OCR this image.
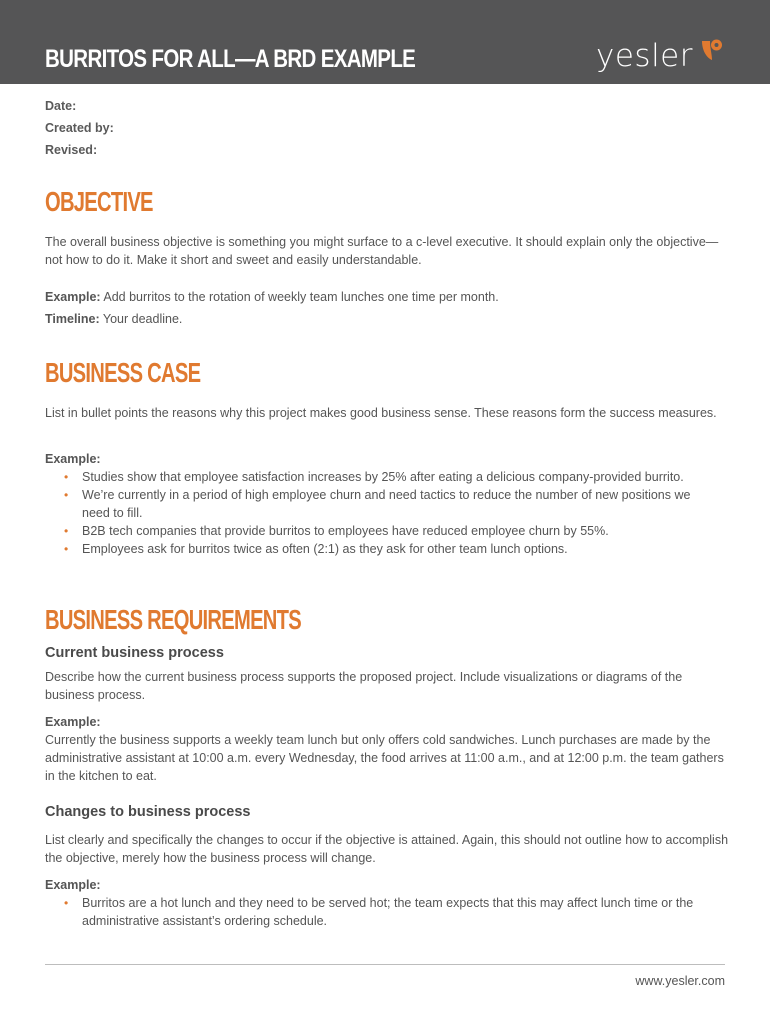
BURRITOS FOR ALL—A BRD EXAMPLE	yesler
Date:
Created by:
Revised:
OBJECTIVE

The overall business objective is something you might surface to a c-level executive. It should explain only the objective—not how to do it. Make it short and sweet and easily understandable.

Example: Add burritos to the rotation of weekly team lunches one time per month.

Timeline: Your deadline.

BUSINESS CASE

List in bullet points the reasons why this project makes good business sense. These reasons form the success measures.

Example:

• Studies show that employee satisfaction increases by 25% after eating a delicious company-provided burrito.
• We’re currently in a period of high employee churn and need tactics to reduce the number of new positions we need to fill.
• B2B tech companies that provide burritos to employees have reduced employee churn by 55%.
• Employees ask for burritos twice as often (2:1) as they ask for other team lunch options.
BUSINESS REQUIREMENTS
Current business process

Describe how the current business process supports the proposed project. Include visualizations or diagrams of the business process.

Example:

Currently the business supports a weekly team lunch but only offers cold sandwiches. Lunch purchases are made by the administrative assistant at 10:00 a.m. every Wednesday, the food arrives at 11:00 a.m., and at 12:00 p.m. the team gathers in the kitchen to eat.

Changes to business process

List clearly and specifically the changes to occur if the objective is attained. Again, this should not outline how to accomplish the objective, merely how the business process will change.

Example:

• Burritos are a hot lunch and they need to be served hot; the team expects that this may affect lunch time or the administrative assistant’s ordering schedule.
www.yesler.com
